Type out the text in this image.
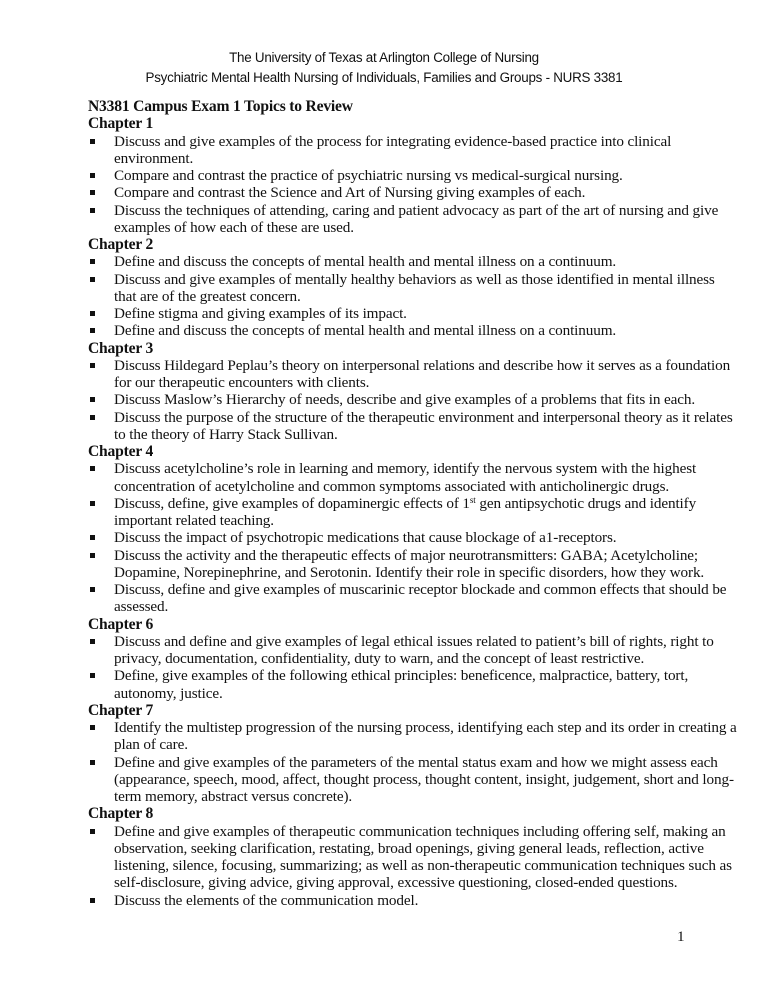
The University of Texas at Arlington College of Nursing
Psychiatric Mental Health Nursing of Individuals, Families and Groups - NURS 3381
N3381 Campus Exam 1 Topics to Review
Chapter 1
Discuss and give examples of the process for integrating evidence-based practice into clinical environment.
Compare and contrast the practice of psychiatric nursing vs medical-surgical nursing.
Compare and contrast the Science and Art of Nursing giving examples of each.
Discuss the techniques of attending, caring and patient advocacy as part of the art of nursing and give examples of how each of these are used.
Chapter 2
Define and discuss the concepts of mental health and mental illness on a continuum.
Discuss and give examples of mentally healthy behaviors as well as those identified in mental illness that are of the greatest concern.
Define stigma and giving examples of its impact.
Define and discuss the concepts of mental health and mental illness on a continuum.
Chapter 3
Discuss Hildegard Peplau’s theory on interpersonal relations and describe how it serves as a foundation for our therapeutic encounters with clients.
Discuss Maslow’s Hierarchy of needs, describe and give examples of a problems that fits in each.
Discuss the purpose of the structure of the therapeutic environment and interpersonal theory as it relates to the theory of Harry Stack Sullivan.
Chapter 4
Discuss acetylcholine’s role in learning and memory, identify the nervous system with the highest concentration of acetylcholine and common symptoms associated with anticholinergic drugs.
Discuss, define, give examples of dopaminergic effects of 1st gen antipsychotic drugs and identify important related teaching.
Discuss the impact of psychotropic medications that cause blockage of a1-receptors.
Discuss the activity and the therapeutic effects of major neurotransmitters: GABA; Acetylcholine; Dopamine, Norepinephrine, and Serotonin. Identify their role in specific disorders, how they work.
Discuss, define and give examples of muscarinic receptor blockade and common effects that should be assessed.
Chapter 6
Discuss and define and give examples of legal ethical issues related to patient’s bill of rights, right to privacy, documentation, confidentiality, duty to warn, and the concept of least restrictive.
Define, give examples of the following ethical principles: beneficence, malpractice, battery, tort, autonomy, justice.
Chapter 7
Identify the multistep progression of the nursing process, identifying each step and its order in creating a plan of care.
Define and give examples of the parameters of the mental status exam and how we might assess each (appearance, speech, mood, affect, thought process, thought content, insight, judgement, short and long-term memory, abstract versus concrete).
Chapter 8
Define and give examples of therapeutic communication techniques including offering self, making an observation, seeking clarification, restating, broad openings, giving general leads, reflection, active listening, silence, focusing, summarizing; as well as non-therapeutic communication techniques such as self-disclosure, giving advice, giving approval, excessive questioning, closed-ended questions.
Discuss the elements of the communication model.
1
